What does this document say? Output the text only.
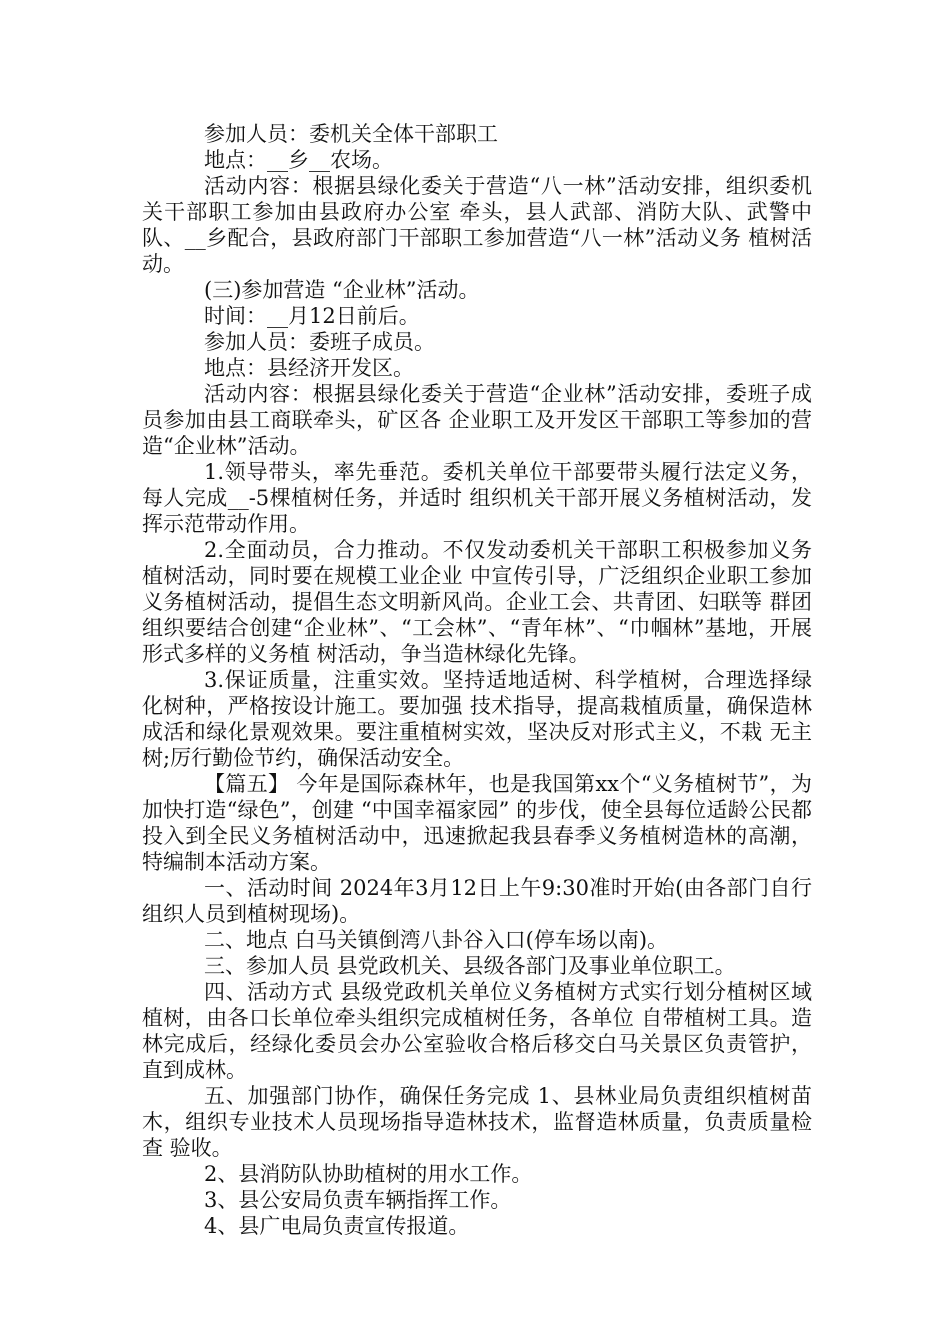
参加人员：委机关全体干部职工

地点：__乡__农场。

活动内容：根据县绿化委关于营造“八一林”活动安排，组织委机关干部职工参加由县政府办公室 牵头，县人武部、消防大队、武警中队、__乡配合，县政府部门干部职工参加营造“八一林”活动义务 植树活动。

(三)参加营造 “企业林”活动。

时间：__月12日前后。

参加人员：委班子成员。

地点：县经济开发区。

活动内容：根据县绿化委关于营造“企业林”活动安排，委班子成员参加由县工商联牵头，矿区各 企业职工及开发区干部职工等参加的营造“企业林”活动。

1.领导带头，率先垂范。委机关单位干部要带头履行法定义务，每人完成__-5棵植树任务，并适时 组织机关干部开展义务植树活动，发挥示范带动作用。

2.全面动员，合力推动。不仅发动委机关干部职工积极参加义务植树活动，同时要在规模工业企业 中宣传引导，广泛组织企业职工参加义务植树活动，提倡生态文明新风尚。企业工会、共青团、妇联等 群团组织要结合创建“企业林”、“工会林”、“青年林”、“巾帼林”基地，开展形式多样的义务植 树活动，争当造林绿化先锋。

3.保证质量，注重实效。坚持适地适树、科学植树，合理选择绿化树种，严格按设计施工。要加强 技术指导，提高栽植质量，确保造林成活和绿化景观效果。要注重植树实效，坚决反对形式主义，不栽 无主树;厉行勤俭节约，确保活动安全。

【篇五】 今年是国际森林年，也是我国第xx个“义务植树节”，为加快打造“绿色”，创建 “中国幸福家园” 的步伐，使全县每位适龄公民都投入到全民义务植树活动中，迅速掀起我县春季义务植树造林的高潮， 特编制本活动方案。

一、活动时间 2024年3月12日上午9:30准时开始(由各部门自行组织人员到植树现场)。

二、地点 白马关镇倒湾八卦谷入口(停车场以南)。

三、参加人员 县党政机关、县级各部门及事业单位职工。

四、活动方式 县级党政机关单位义务植树方式实行划分植树区域植树，由各口长单位牵头组织完成植树任务，各单位 自带植树工具。造林完成后，经绿化委员会办公室验收合格后移交白马关景区负责管护，直到成林。

五、加强部门协作，确保任务完成 1、县林业局负责组织植树苗木，组织专业技术人员现场指导造林技术，监督造林质量，负责质量检查 验收。

2、县消防队协助植树的用水工作。

3、县公安局负责车辆指挥工作。

4、县广电局负责宣传报道。
